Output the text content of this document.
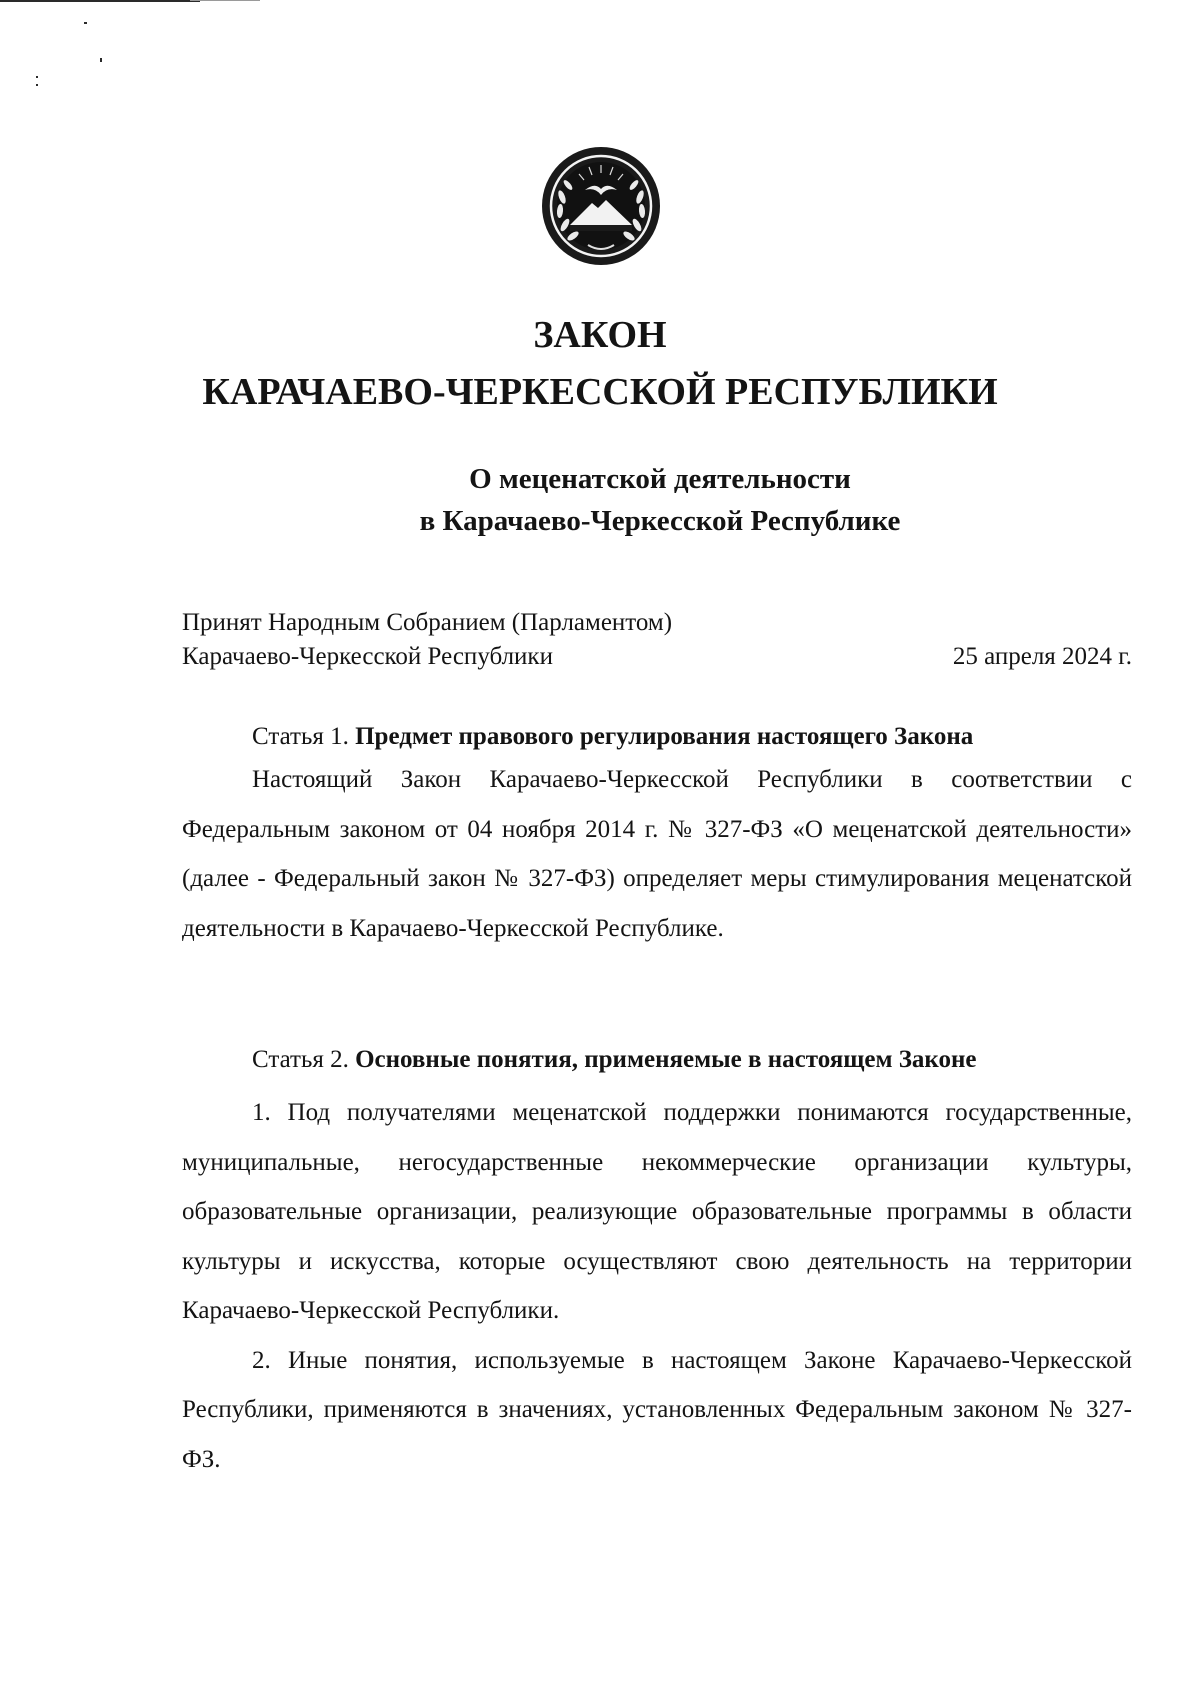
ЗАКОН
КАРАЧАЕВО-ЧЕРКЕССКОЙ РЕСПУБЛИКИ
О меценатской деятельности
в Карачаево-Черкесской Республике
Принят Народным Собранием (Парламентом)
Карачаево-Черкесской Республики	25 апреля 2024 г.

Статья 1. Предмет правового регулирования настоящего Закона

Настоящий Закон Карачаево-Черкесской Республики в соответствии с Федеральным законом от 04 ноября 2014 г. № 327-ФЗ «О меценатской деятельности» (далее - Федеральный закон № 327-ФЗ) определяет меры стимулирования меценатской деятельности в Карачаево-Черкесской Республике.

Статья 2. Основные понятия, применяемые в настоящем Законе

1. Под получателями меценатской поддержки понимаются государственные, муниципальные, негосударственные некоммерческие организации культуры, образовательные организации, реализующие образовательные программы в области культуры и искусства, которые осуществляют свою деятельность на территории Карачаево-Черкесской Республики.

2. Иные понятия, используемые в настоящем Законе Карачаево-Черкесской Республики, применяются в значениях, установленных Федеральным законом № 327-ФЗ.
